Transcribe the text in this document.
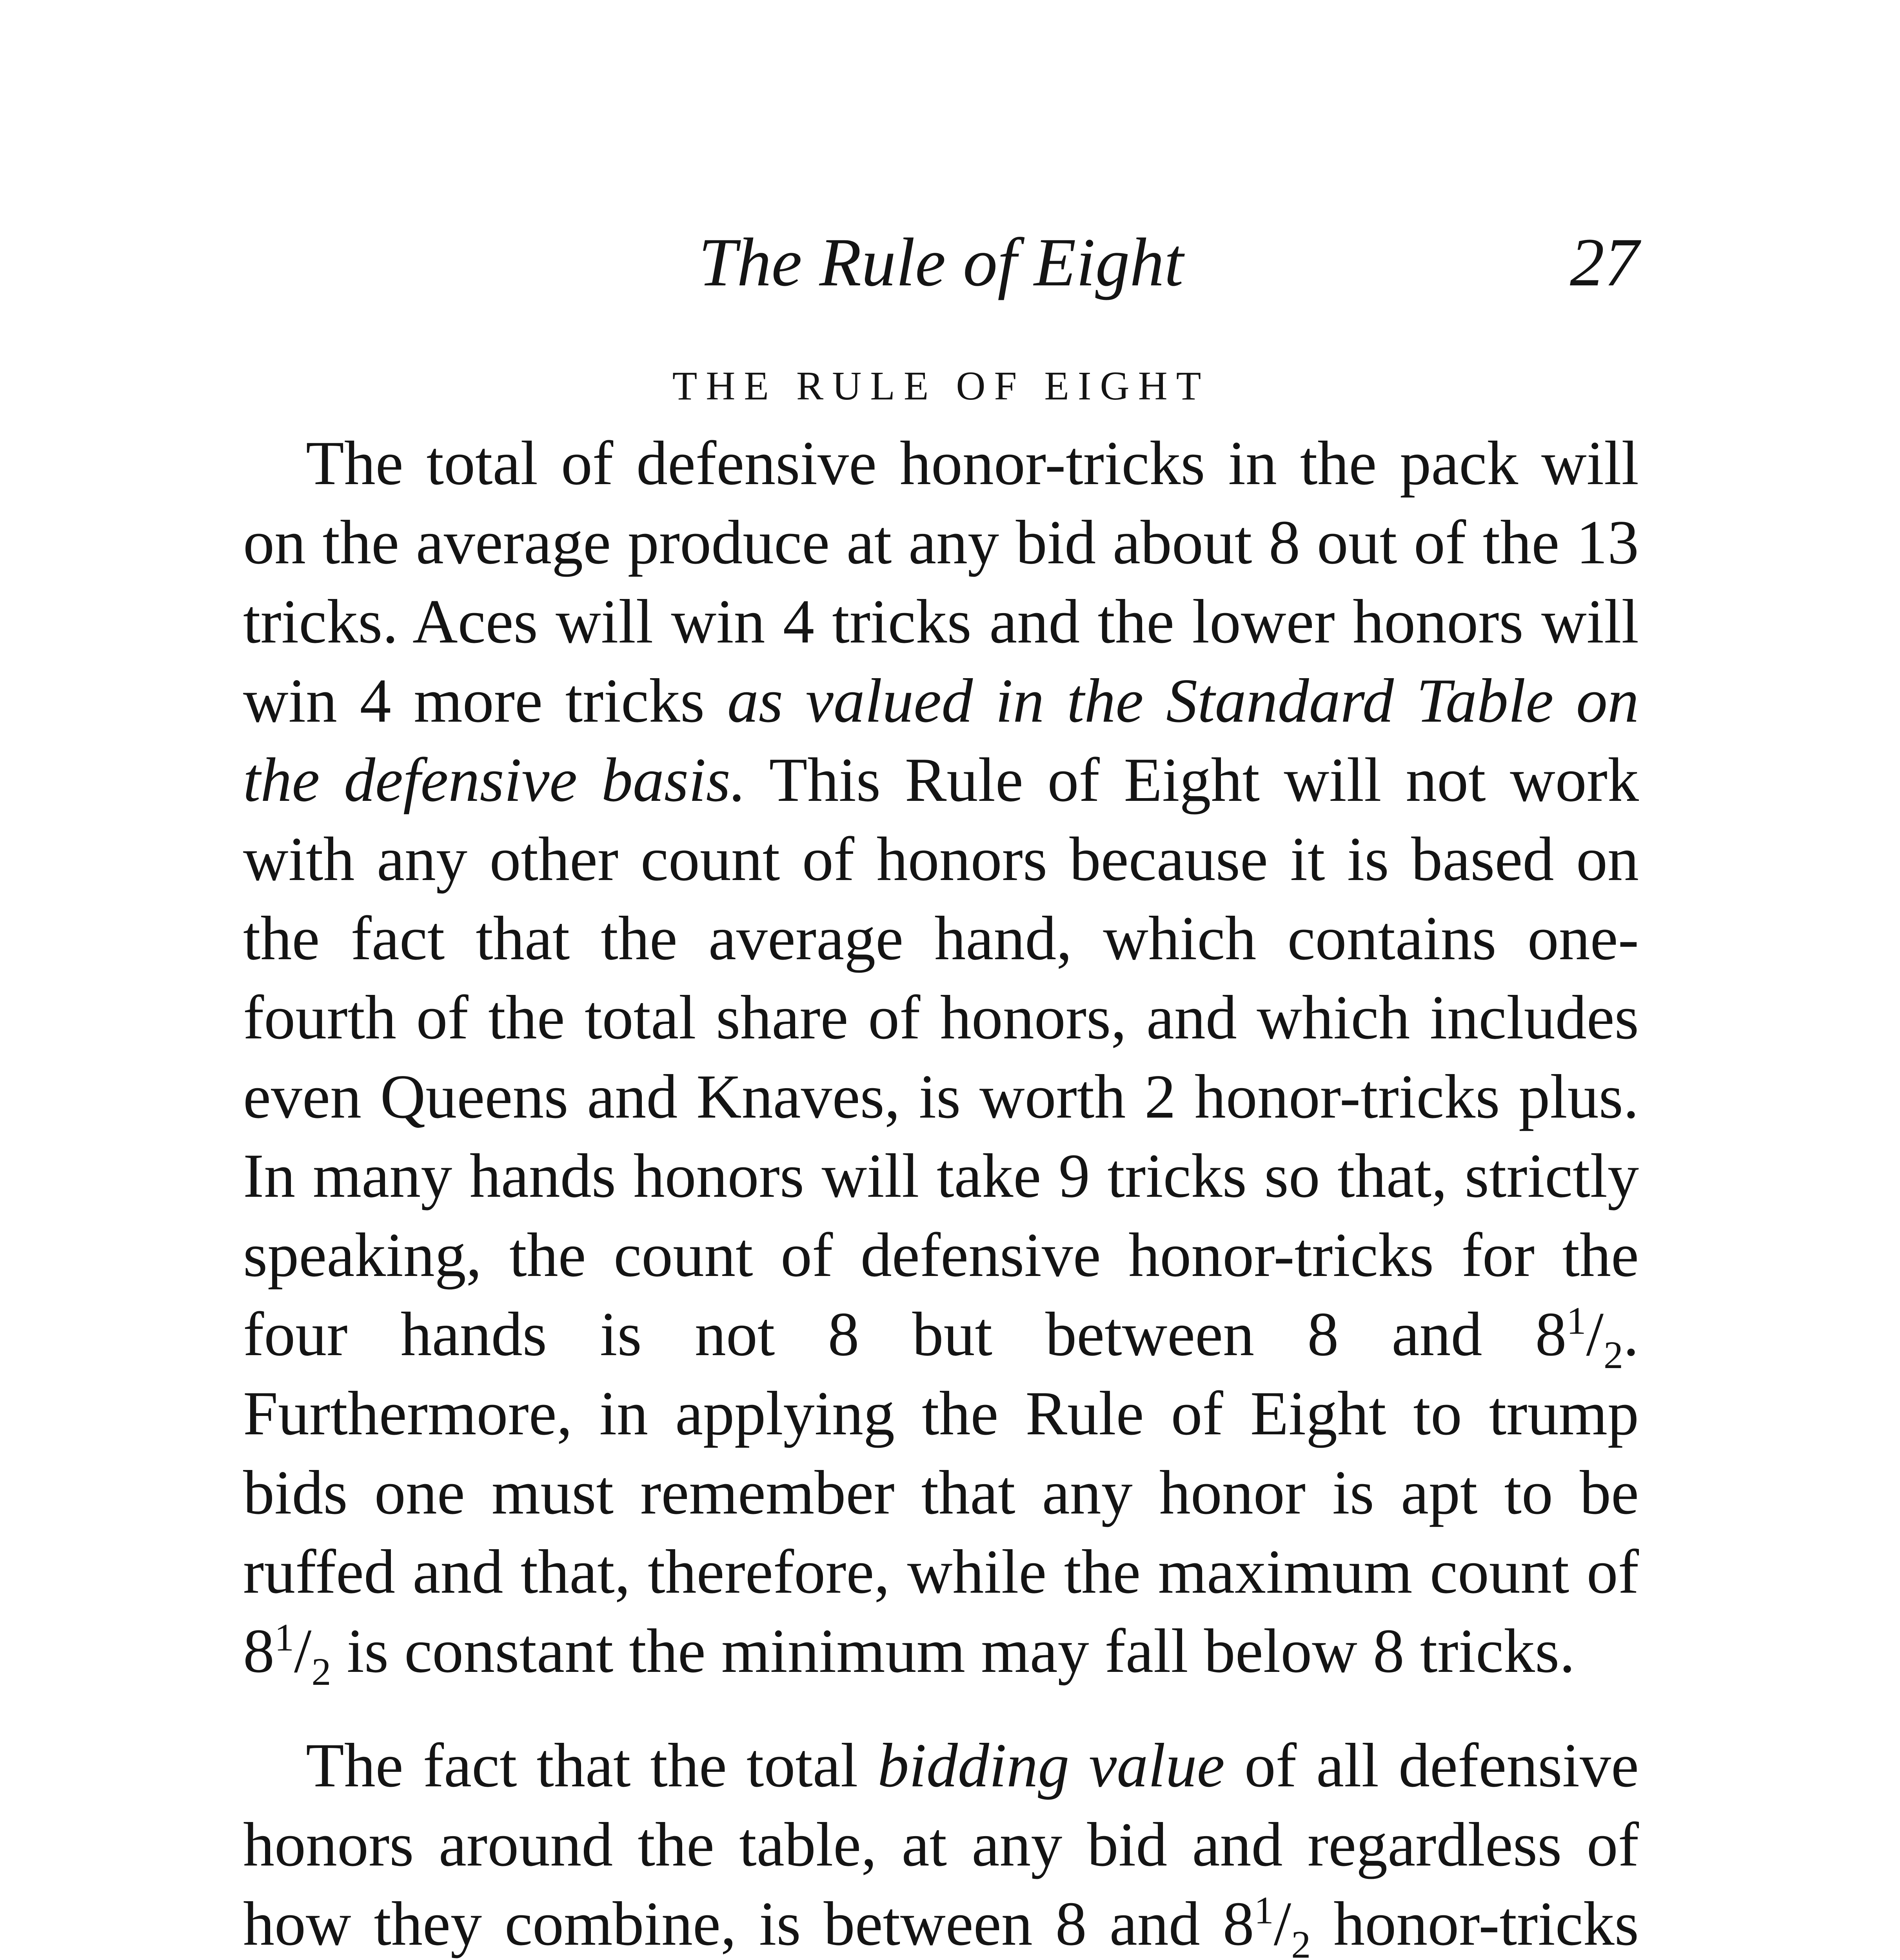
The Rule of Eight	27
THE RULE OF EIGHT

The total of defensive honor-tricks in the pack will on the average produce at any bid about 8 out of the 13 tricks. Aces will win 4 tricks and the lower honors will win 4 more tricks as valued in the Standard Table on the defensive basis. This Rule of Eight will not work with any other count of honors because it is based on the fact that the average hand, which contains one-fourth of the total share of honors, and which includes even Queens and Knaves, is worth 2 honor-tricks plus. In many hands honors will take 9 tricks so that, strictly speaking, the count of defensive honor-tricks for the four hands is not 8 but between 8 and $8^1/_2$. Furthermore, in applying the Rule of Eight to trump bids one must remember that any honor is apt to be ruffed and that, therefore, while the maximum count of $8^1/_2$ is constant the minimum may fall below 8 tricks.

The fact that the total bidding value of all defensive honors around the table, at any bid and regardless of how they combine, is between 8 and $8^1/_2$ honor-tricks
